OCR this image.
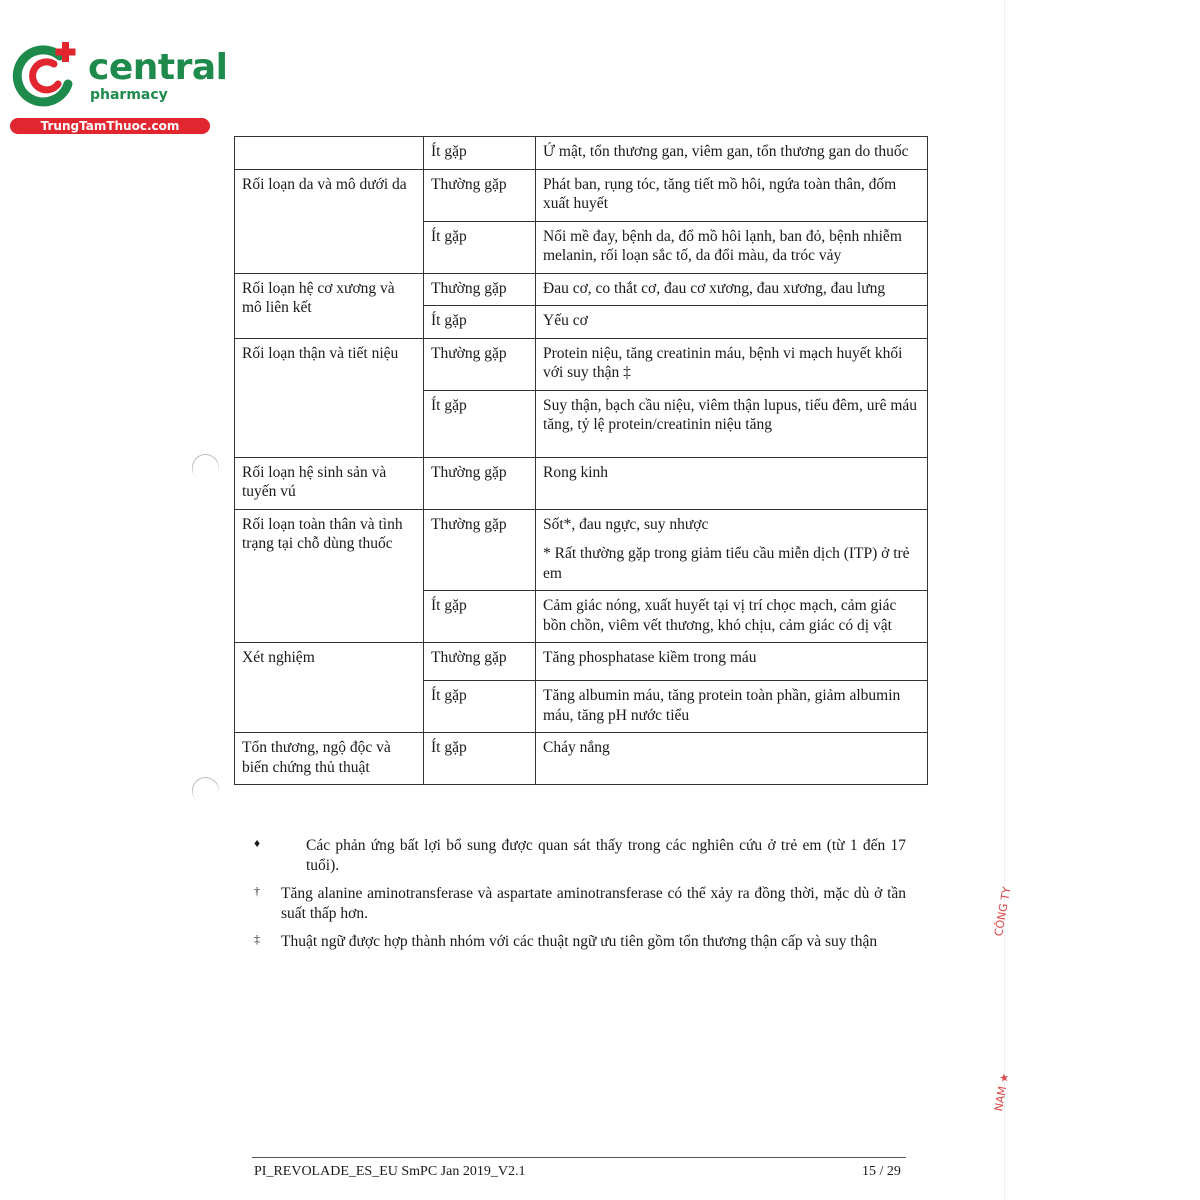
central
pharmacy
TrungTamThuoc.com
	Ít gặp	Ứ mật, tổn thương gan, viêm gan, tổn thương gan do thuốc
Rối loạn da và mô dưới da	Thường gặp	Phát ban, rụng tóc, tăng tiết mồ hôi, ngứa toàn thân, đốm xuất huyết
	Ít gặp	Nổi mề đay, bệnh da, đổ mồ hôi lạnh, ban đỏ, bệnh nhiễm melanin, rối loạn sắc tố, da đổi màu, da tróc vảy
Rối loạn hệ cơ xương và mô liên kết	Thường gặp	Đau cơ, co thắt cơ, đau cơ xương, đau xương, đau lưng
	Ít gặp	Yếu cơ
Rối loạn thận và tiết niệu	Thường gặp	Protein niệu, tăng creatinin máu, bệnh vi mạch huyết khối với suy thận ‡
	Ít gặp	Suy thận, bạch cầu niệu, viêm thận lupus, tiểu đêm, urê máu tăng, tỷ lệ protein/creatinin niệu tăng
Rối loạn hệ sinh sản và tuyến vú	Thường gặp	Rong kinh
Rối loạn toàn thân và tình trạng tại chỗ dùng thuốc	Thường gặp	Sốt*, đau ngực, suy nhược
* Rất thường gặp trong giảm tiểu cầu miễn dịch (ITP) ở trẻ em

	Ít gặp	Cảm giác nóng, xuất huyết tại vị trí chọc mạch, cảm giác bồn chồn, viêm vết thương, khó chịu, cảm giác có dị vật
Xét nghiệm	Thường gặp	Tăng phosphatase kiềm trong máu
	Ít gặp	Tăng albumin máu, tăng protein toàn phần, giảm albumin máu, tăng pH nước tiểu
Tổn thương, ngộ độc và biến chứng thủ thuật	Ít gặp	Cháy nắng
♦	Các phản ứng bất lợi bổ sung được quan sát thấy trong các nghiên cứu ở trẻ em (từ 1 đến 17 tuổi).
† Tăng alanine aminotransferase và aspartate aminotransferase có thể xảy ra đồng thời, mặc dù ở tần suất thấp hơn.
‡ Thuật ngữ được hợp thành nhóm với các thuật ngữ ưu tiên gồm tổn thương thận cấp và suy thận
CÔNG TY
NAM ★
PI_REVOLADE_ES_EU SmPC Jan 2019_V2.1	15 / 29
